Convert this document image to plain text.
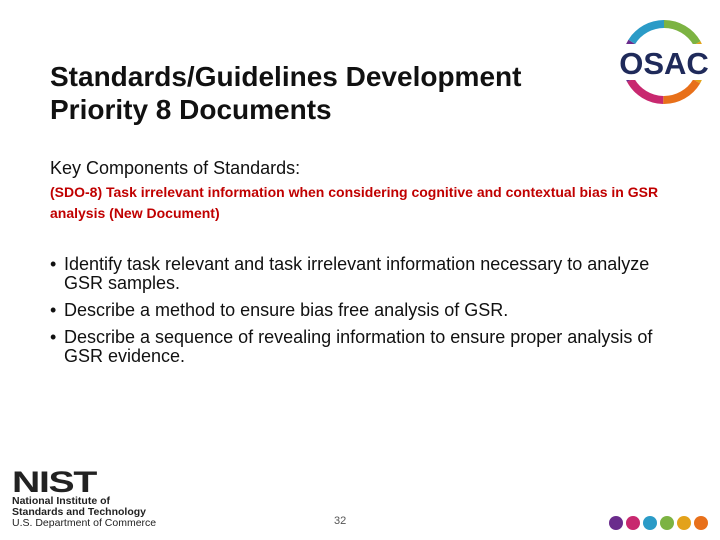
Standards/Guidelines Development
Priority 8 Documents
OSAC
Key Components of Standards:
(SDO-8) Task irrelevant information when considering cognitive and contextual bias in GSR analysis (New Document)
• Identify task relevant and task irrelevant information necessary to analyze GSR samples.
• Describe a method to ensure bias free analysis of GSR.
• Describe a sequence of revealing information to ensure proper analysis of GSR evidence.
NIST
National Institute of
Standards and Technology
U.S. Department of Commerce	32
